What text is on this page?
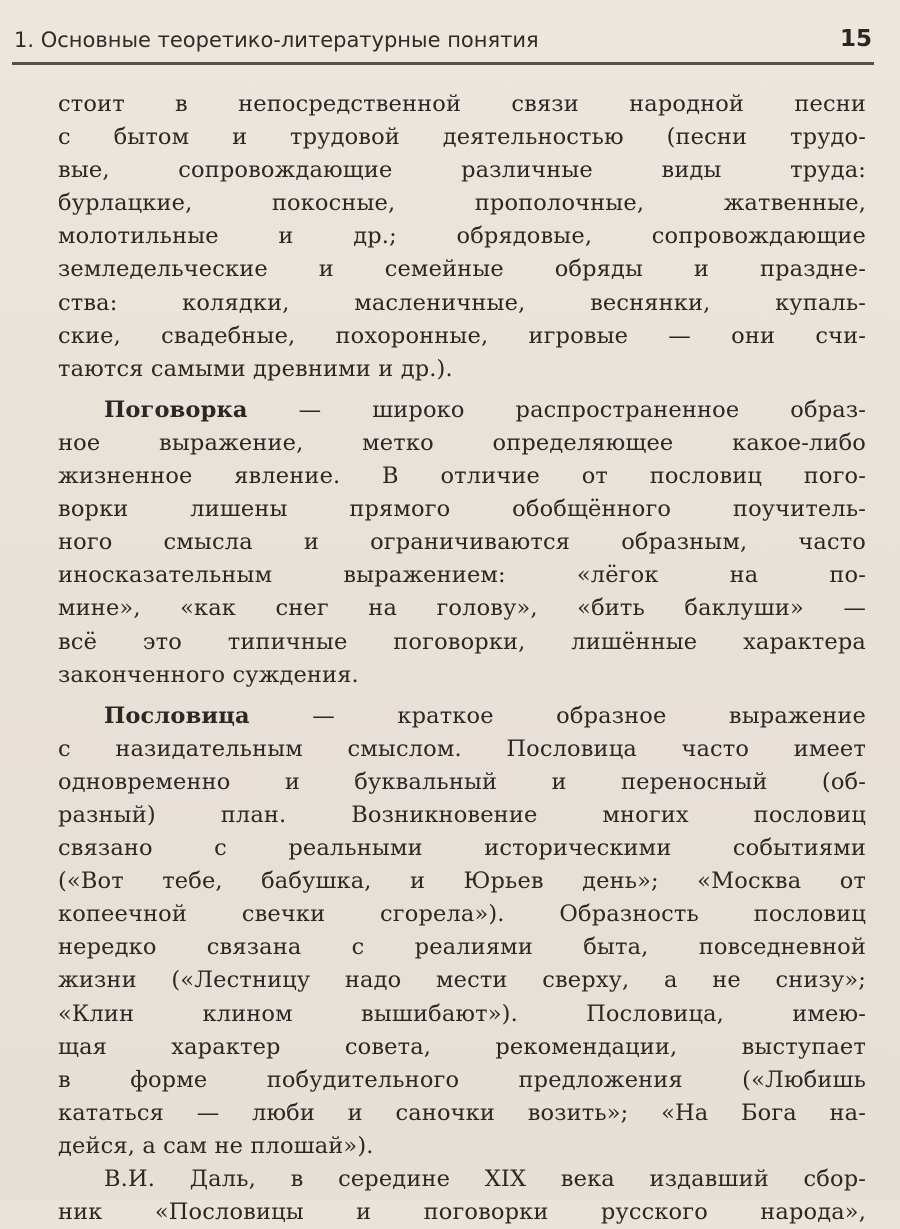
1. Основные теоретико-литературные понятия	15
стоит в непосредственной связи народной песни
с бытом и трудовой деятельностью (песни трудо-
вые, сопровождающие различные виды труда:
бурлацкие, покосные, прополочные, жатвенные,
молотильные и др.; обрядовые, сопровождающие
земледельческие и семейные обряды и праздне-
ства: колядки, масленичные, веснянки, купаль-
ские, свадебные, похоронные, игровые — они счи-
таются самыми древними и др.).
Поговорка — широко распространенное образ-
ное выражение, метко определяющее какое-либо
жизненное явление. В отличие от пословиц пого-
ворки лишены прямого обобщённого поучитель-
ного смысла и ограничиваются образным, часто
иносказательным выражением: «лёгок на по-
мине», «как снег на голову», «бить баклуши» —
всё это типичные поговорки, лишённые характера
законченного суждения.
Пословица — краткое образное выражение
с назидательным смыслом. Пословица часто имеет
одновременно и буквальный и переносный (об-
разный) план. Возникновение многих пословиц
связано с реальными историческими событиями
(«Вот тебе, бабушка, и Юрьев день»; «Москва от
копеечной свечки сгорела»). Образность пословиц
нередко связана с реалиями быта, повседневной
жизни («Лестницу надо мести сверху, а не снизу»;
«Клин клином вышибают»). Пословица, имею-
щая характер совета, рекомендации, выступает
в форме побудительного предложения («Любишь
кататься — люби и саночки возить»; «На Бога на-
дейся, а сам не плошай»).
В.И. Даль, в середине XIX века издавший сбор-
ник «Пословицы и поговорки русского народа»,
